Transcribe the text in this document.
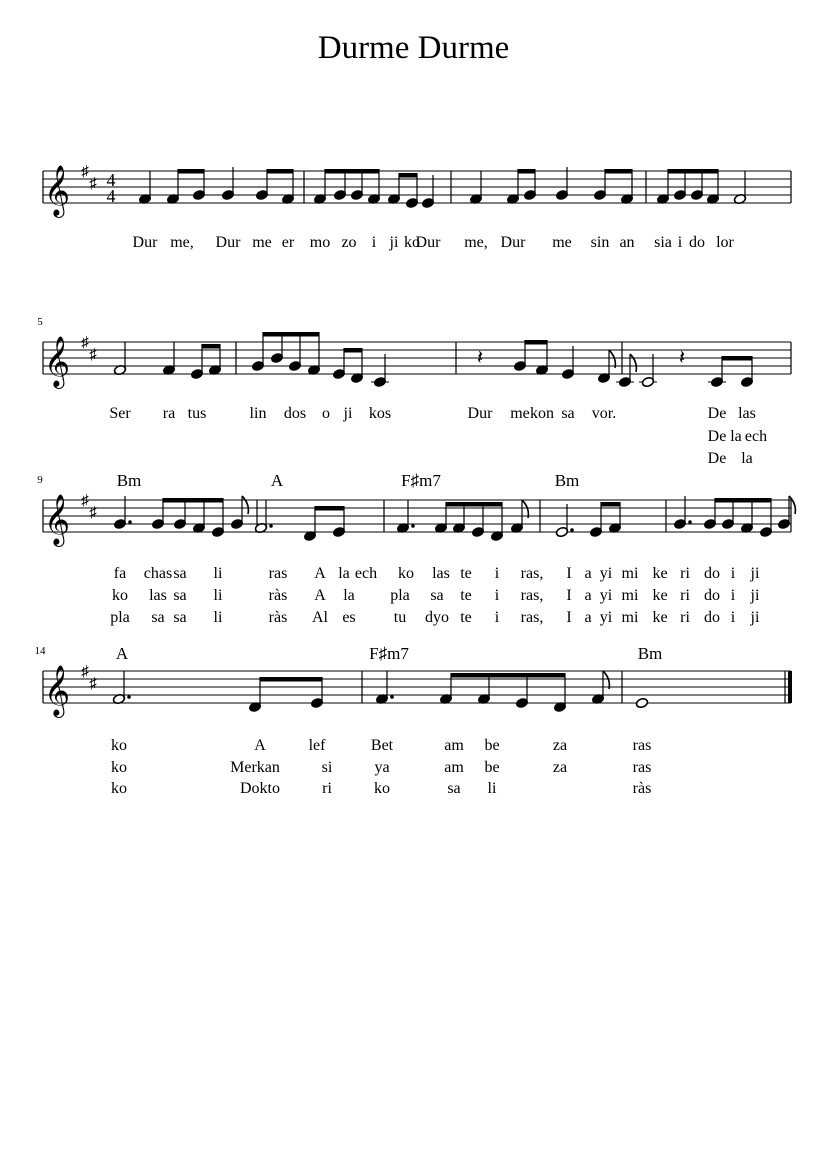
Durme Durme
𝄞 ♯
♯
𝄞 ♯
♯
𝄞 ♯
♯
𝄞 ♯
♯
4
4
𝄽	𝄽
5
9
14
Bm	A	F♯m7	Bm
A	F♯m7	Bm
Dur me, Dur me er mo zo i ji ko
Dur me, Dur me sin an sia i do lor
Ser ra tus	lin dos o ji kos	Dur me kon sa vor.	De las
De la ech
De la
fa chas sa li	ras A la ech ko las te i ras, I a yi mi ke ri do i ji
ko las sa li	ràs A la pla sa te i ras, I a yi mi ke ri do i ji
pla sa sa li	ràs Al es tu dyo te i ras, I a yi mi ke ri do i ji
ko	A	lef	Bet	am be	za	ras
ko	Merkan	si	ya	am be	za	ras
ko	Dokto	ri	ko	sa li	ràs
